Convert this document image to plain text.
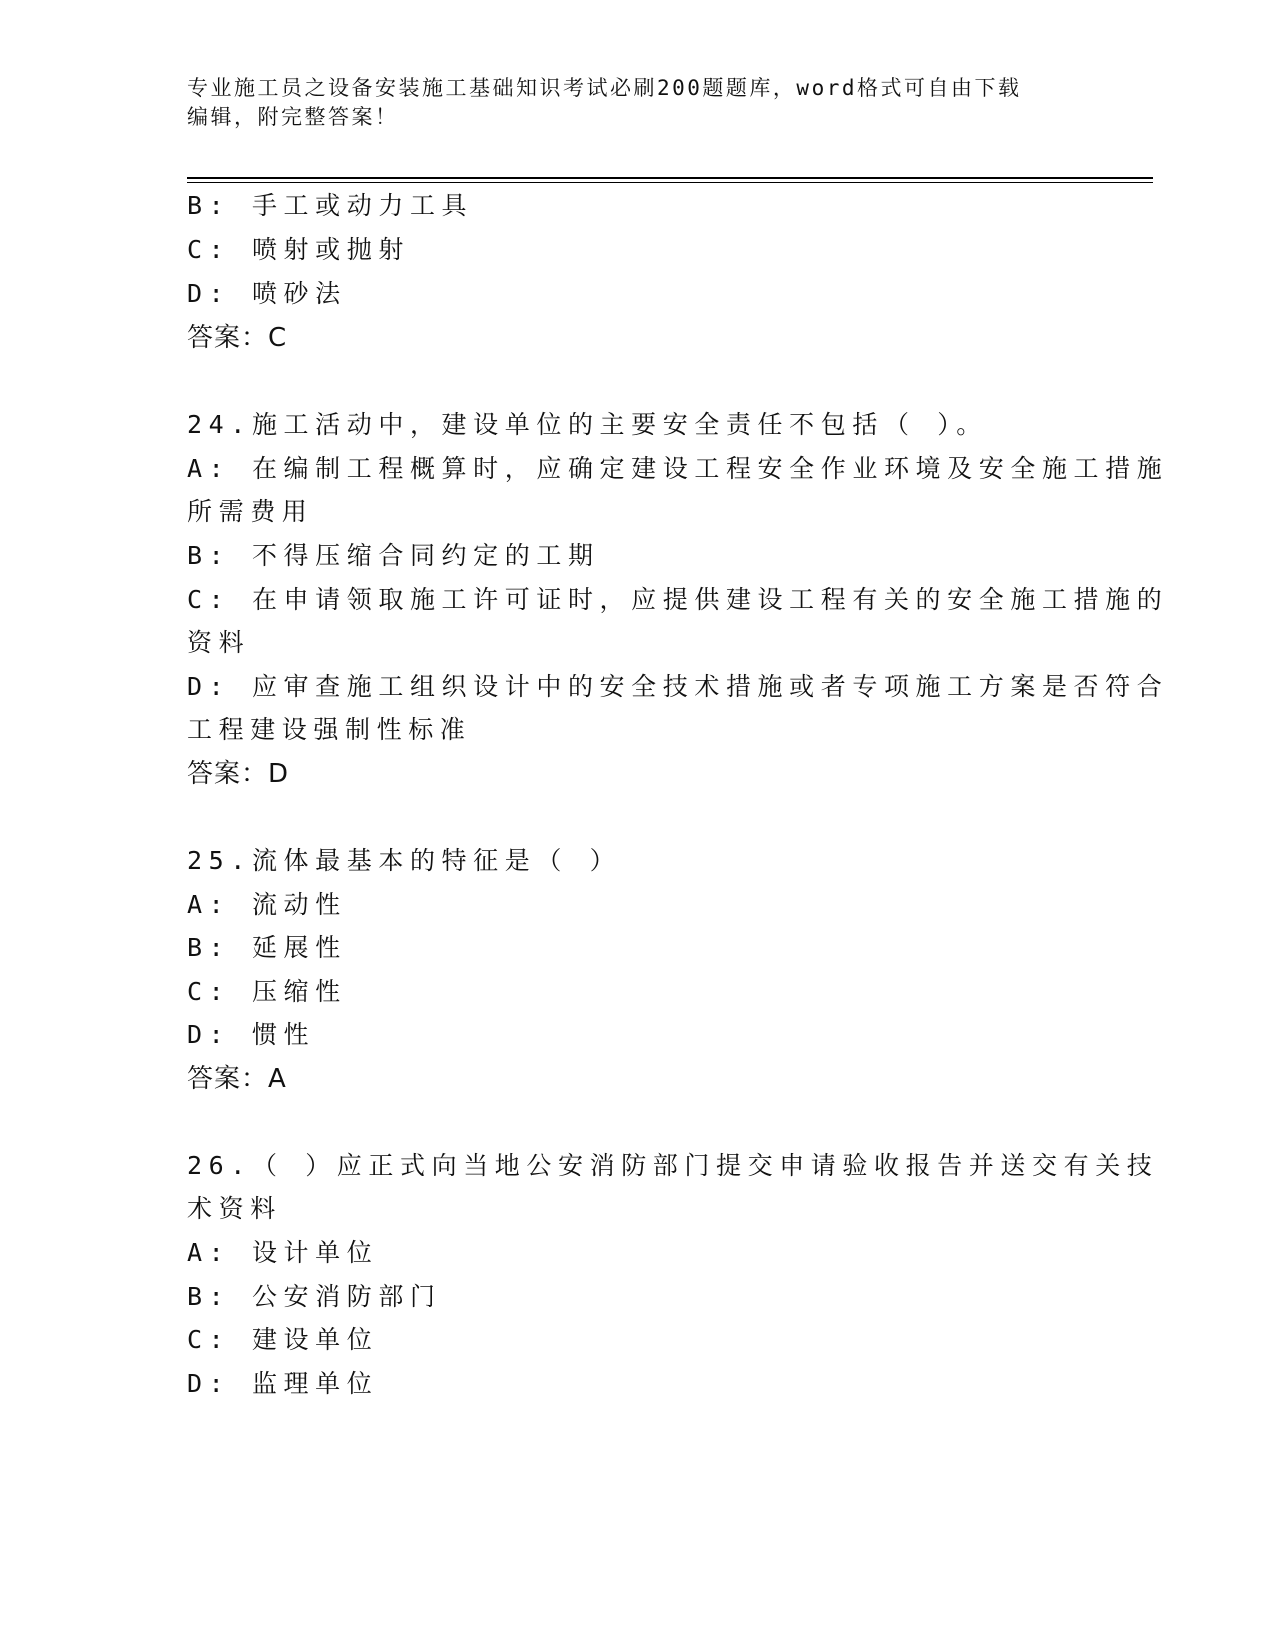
专业施工员之设备安装施工基础知识考试必刷200题题库，word格式可自由下载
编辑，附完整答案！
B: 手工或动力工具
C: 喷射或抛射
D: 喷砂法
答案：C
24.施工活动中，建设单位的主要安全责任不包括（ ）。
A: 在编制工程概算时，应确定建设工程安全作业环境及安全施工措施
所需费用
B: 不得压缩合同约定的工期
C: 在申请领取施工许可证时，应提供建设工程有关的安全施工措施的
资料
D: 应审查施工组织设计中的安全技术措施或者专项施工方案是否符合
工程建设强制性标准
答案：D
25.流体最基本的特征是（ ）
A: 流动性
B: 延展性
C: 压缩性
D: 惯性
答案：A
26.（ ）应正式向当地公安消防部门提交申请验收报告并送交有关技
术资料
A: 设计单位
B: 公安消防部门
C: 建设单位
D: 监理单位
